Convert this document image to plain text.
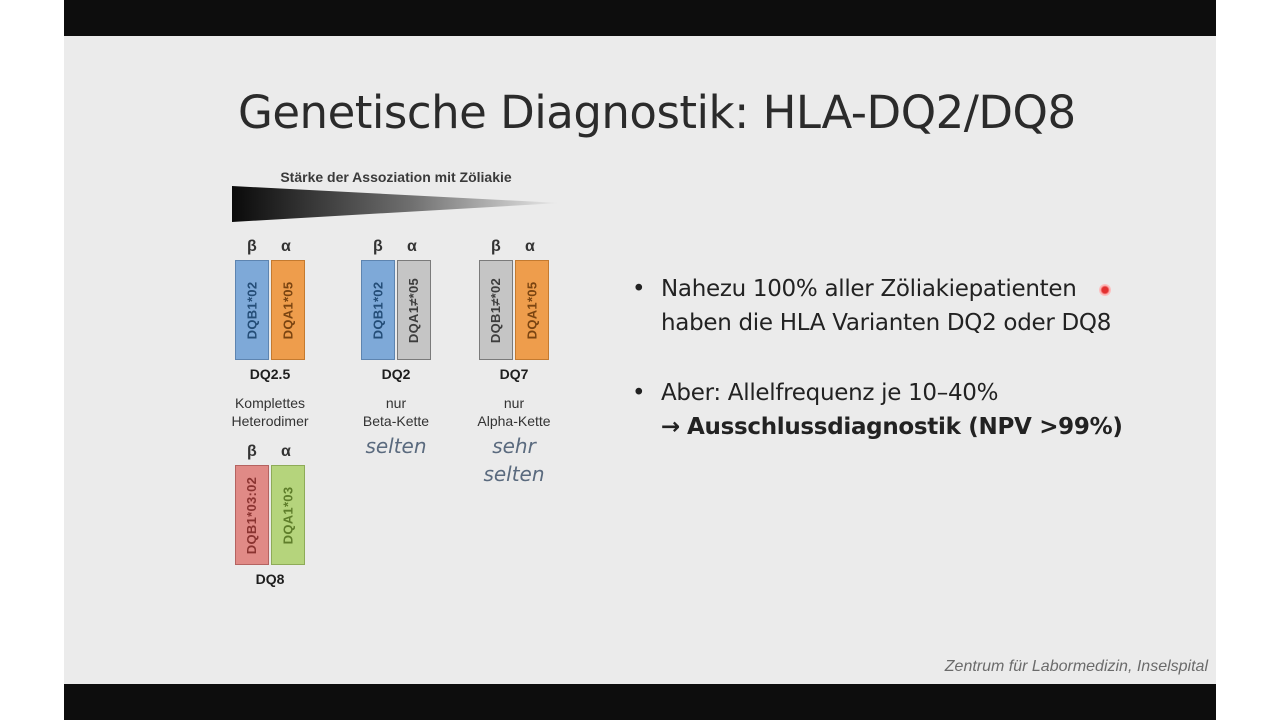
Genetische Diagnostik: HLA-DQ2/DQ8
Stärke der Assoziation mit Zöliakie
β α
DQB1*02 DQA1*05
DQ2.5
Komplettes
Heterodimer
β α
DQB1*02 DQA1≠*05
DQ2
nur
Beta-Kette
selten
β α
DQB1≠*02 DQA1*05
DQ7
nur
Alpha-Kette
sehr
selten
β α
DQB1*03:02 DQA1*03
DQ8
• Nahezu 100% aller Zöliakiepatienten
haben die HLA Varianten DQ2 oder DQ8
• Aber: Allelfrequenz je 10–40%
→ Ausschlussdiagnostik (NPV >99%)
Zentrum für Labormedizin, Inselspital
